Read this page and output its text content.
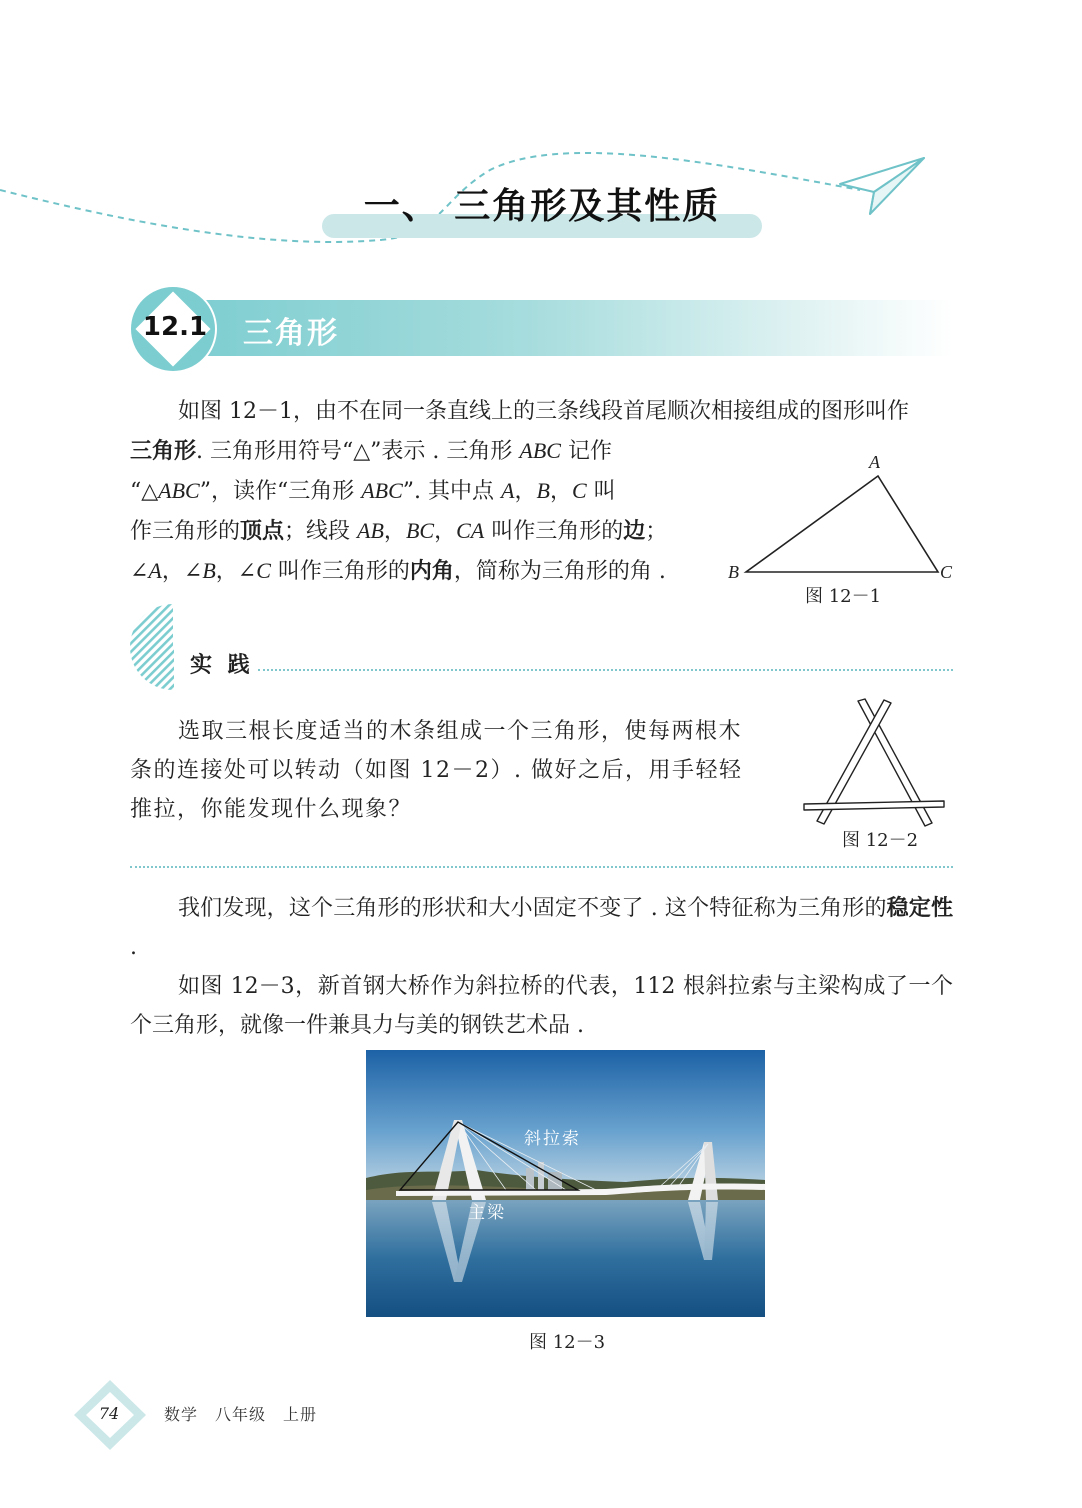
一、 三角形及其性质
12.1 三角形
如图 12－1，由不在同一条直线上的三条线段首尾顺次相接组成的图形叫作
三角形. 三角形用符号“△”表示 . 三角形 ABC 记作
“△ABC”，读作“三角形 ABC”. 其中点 A，B，C 叫
作三角形的顶点；线段 AB，BC，CA 叫作三角形的边；
∠A，∠B，∠C 叫作三角形的内角，简称为三角形的角 .
A
B	C
图 12－1
实 践

选取三根长度适当的木条组成一个三角形，使每两根木条的连接处可以转动（如图 12－2）. 做好之后，用手轻轻推拉，你能发现什么现象？

图 12－2

我们发现，这个三角形的形状和大小固定不变了 . 这个特征称为三角形的稳定性 .

如图 12－3，新首钢大桥作为斜拉桥的代表，112 根斜拉索与主梁构成了一个个三角形，就像一件兼具力与美的钢铁艺术品 .

斜拉索
主梁
图 12－3
74	数学　八年级　上册
